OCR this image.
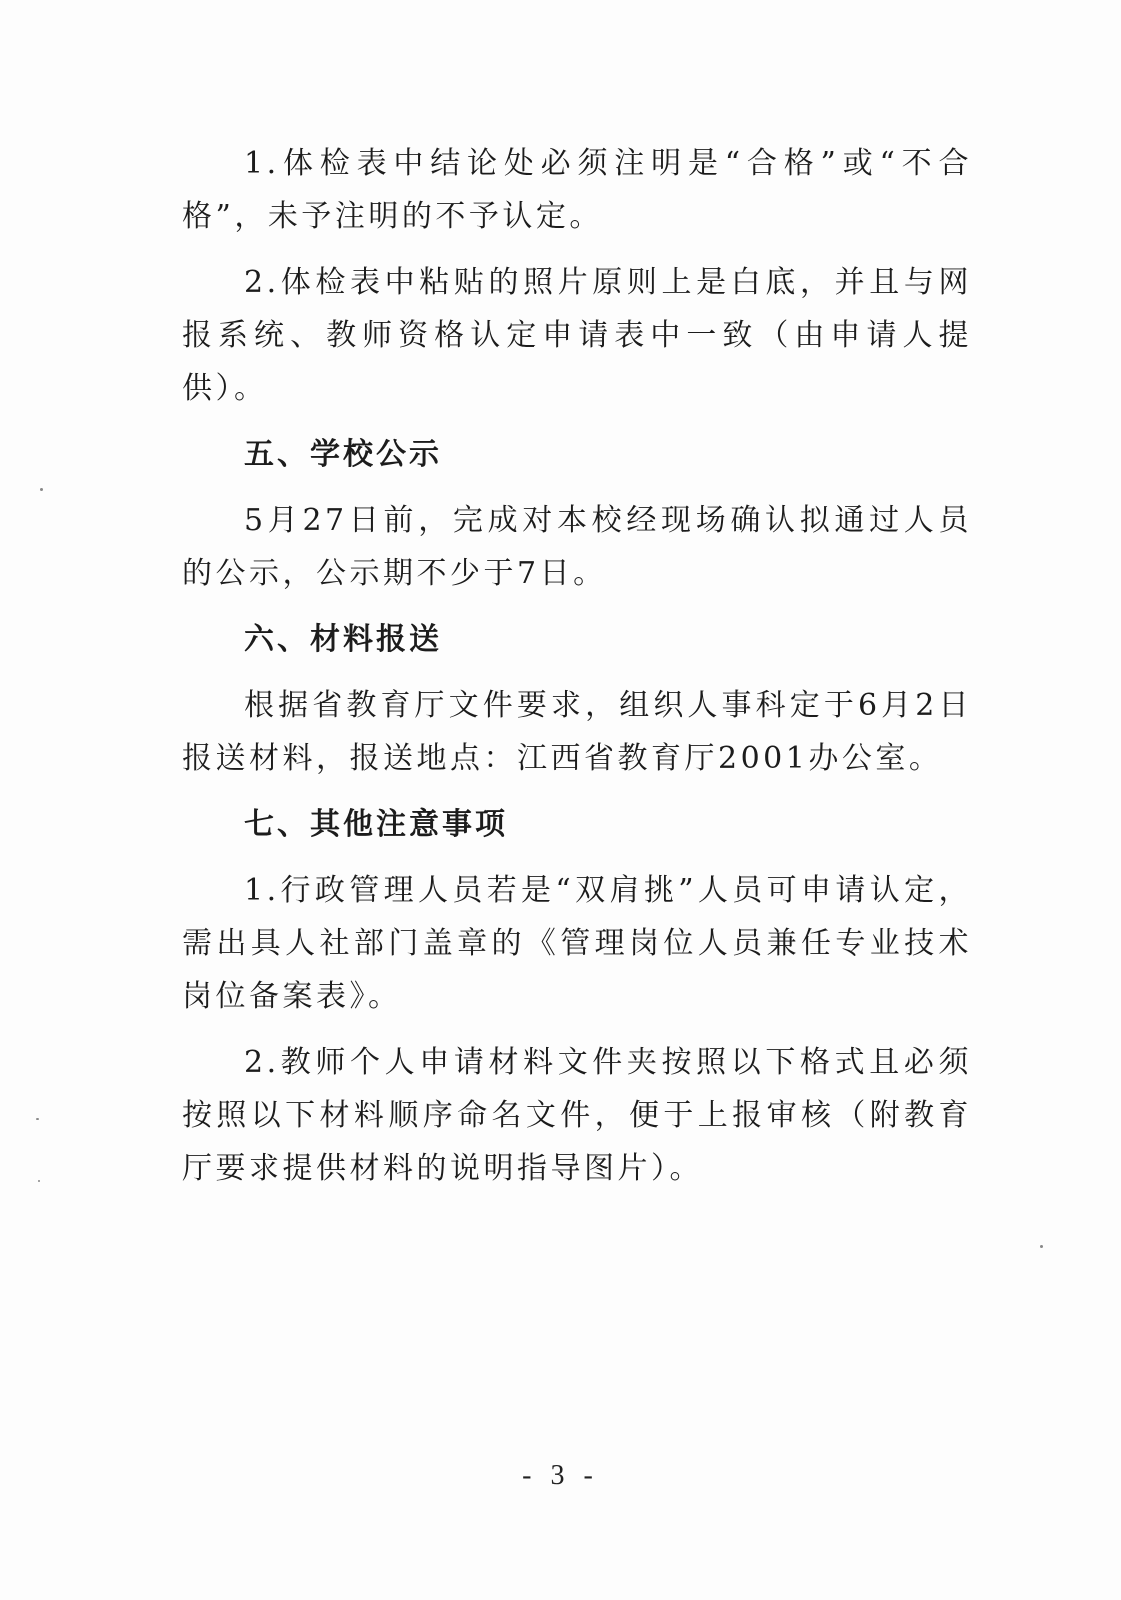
1.体检表中结论处必须注明是“合格”或“不合格”，未予注明的不予认定。

2.体检表中粘贴的照片原则上是白底，并且与网报系统、教师资格认定申请表中一致（由申请人提供）。

五、学校公示

5月27日前，完成对本校经现场确认拟通过人员的公示，公示期不少于7日。

六、材料报送

根据省教育厅文件要求，组织人事科定于6月2日报送材料，报送地点：江西省教育厅2001办公室。

七、其他注意事项

1.行政管理人员若是“双肩挑”人员可申请认定，需出具人社部门盖章的《管理岗位人员兼任专业技术岗位备案表》。

2.教师个人申请材料文件夹按照以下格式且必须按照以下材料顺序命名文件，便于上报审核（附教育厅要求提供材料的说明指导图片）。

- 3 -
